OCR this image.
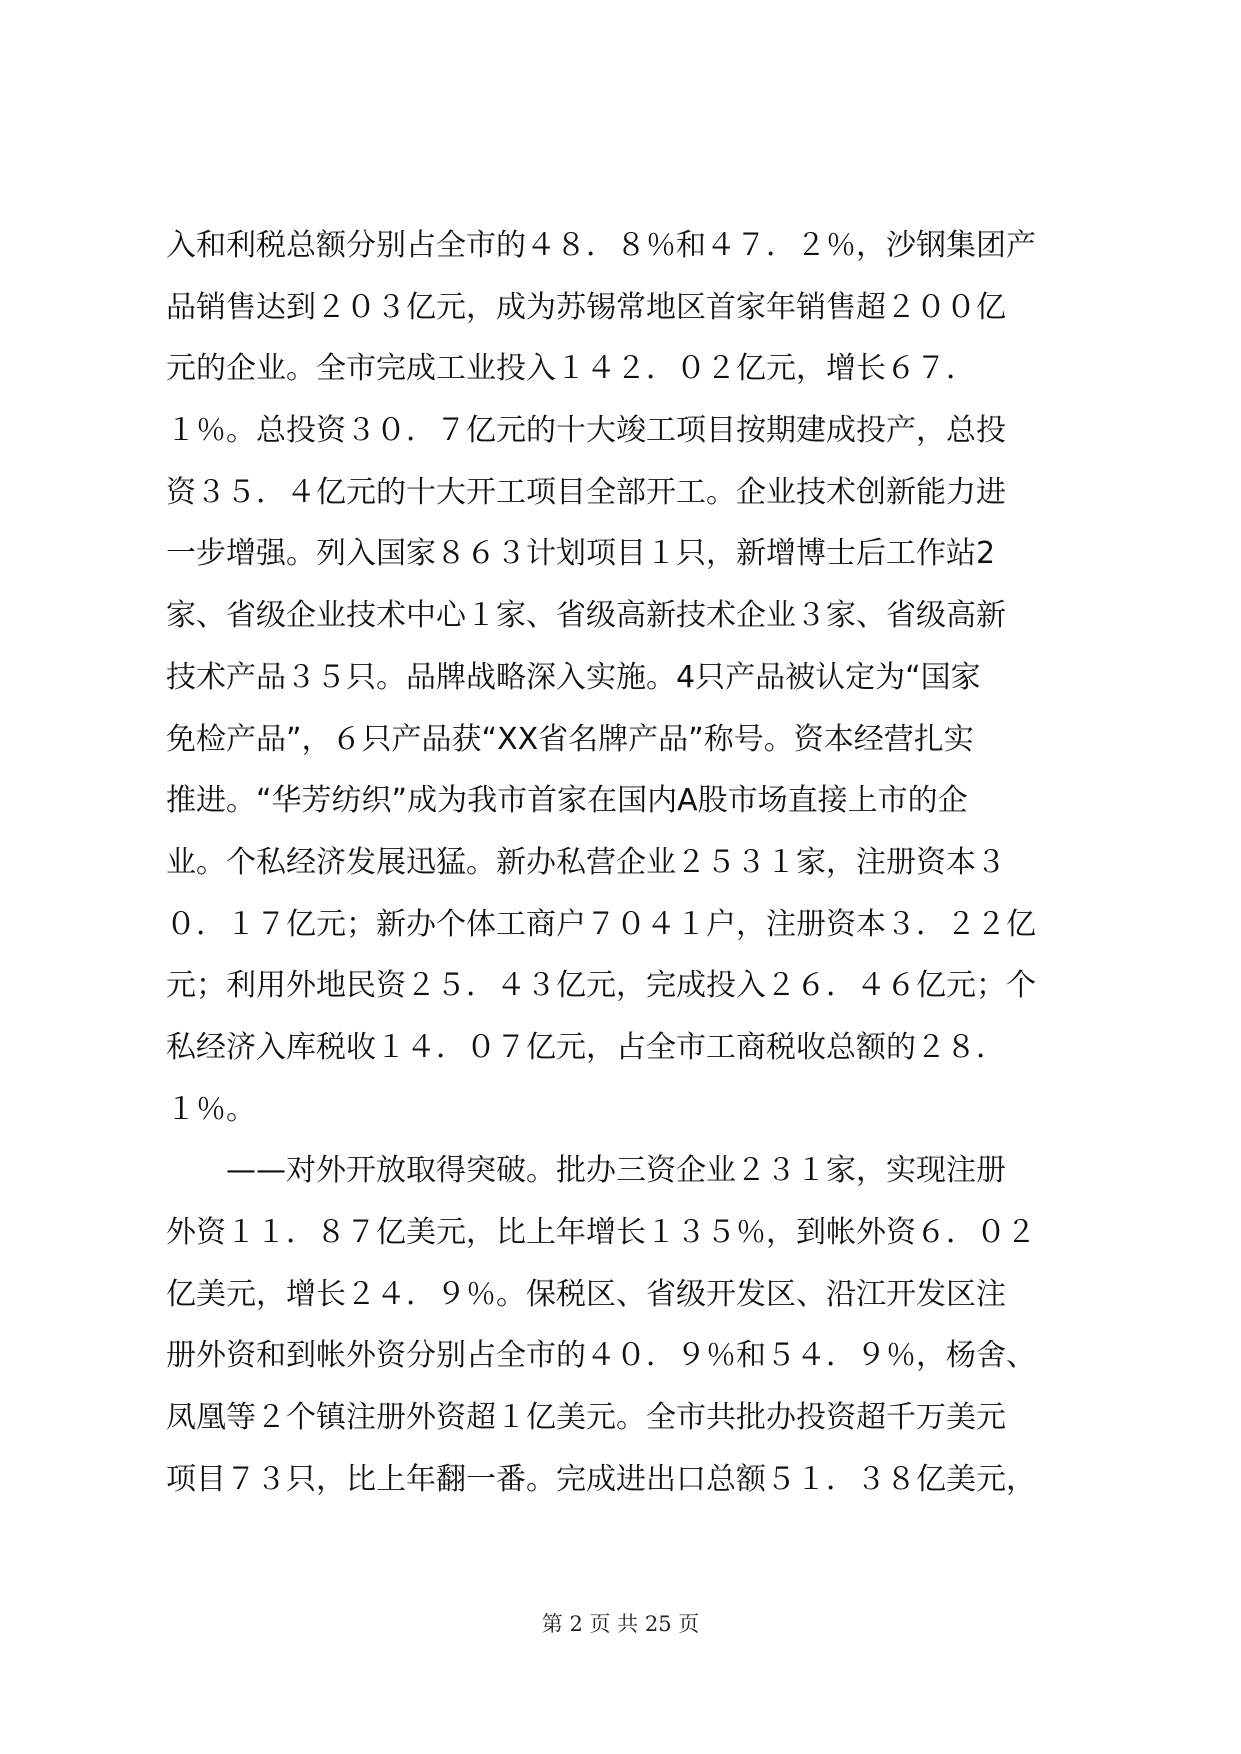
入和利税总额分别占全市的４８．８％和４７．２％，沙钢集团产
品销售达到２０３亿元，成为苏锡常地区首家年销售超２００亿
元的企业。全市完成工业投入１４２．０２亿元，增长６７．
１％。总投资３０．７亿元的十大竣工项目按期建成投产，总投
资３５．４亿元的十大开工项目全部开工。企业技术创新能力进
一步增强。列入国家８６３计划项目１只，新增博士后工作站2
家、省级企业技术中心１家、省级高新技术企业３家、省级高新
技术产品３５只。品牌战略深入实施。4只产品被认定为“国家
免检产品”，６只产品获“XX省名牌产品”称号。资本经营扎实
推进。“华芳纺织”成为我市首家在国内A股市场直接上市的企
业。个私经济发展迅猛。新办私营企业２５３１家，注册资本３
０．１７亿元；新办个体工商户７０４１户，注册资本３．２２亿
元；利用外地民资２５．４３亿元，完成投入２６．４６亿元；个
私经济入库税收１４．０７亿元，占全市工商税收总额的２８．
１％。
　　——对外开放取得突破。批办三资企业２３１家，实现注册
外资１１．８７亿美元，比上年增长１３５％，到帐外资６．０２
亿美元，增长２４．９％。保税区、省级开发区、沿江开发区注
册外资和到帐外资分别占全市的４０．９％和５４．９％，杨舍、
凤凰等２个镇注册外资超１亿美元。全市共批办投资超千万美元
项目７３只，比上年翻一番。完成进出口总额５１．３８亿美元，
第 2 页 共 25 页
